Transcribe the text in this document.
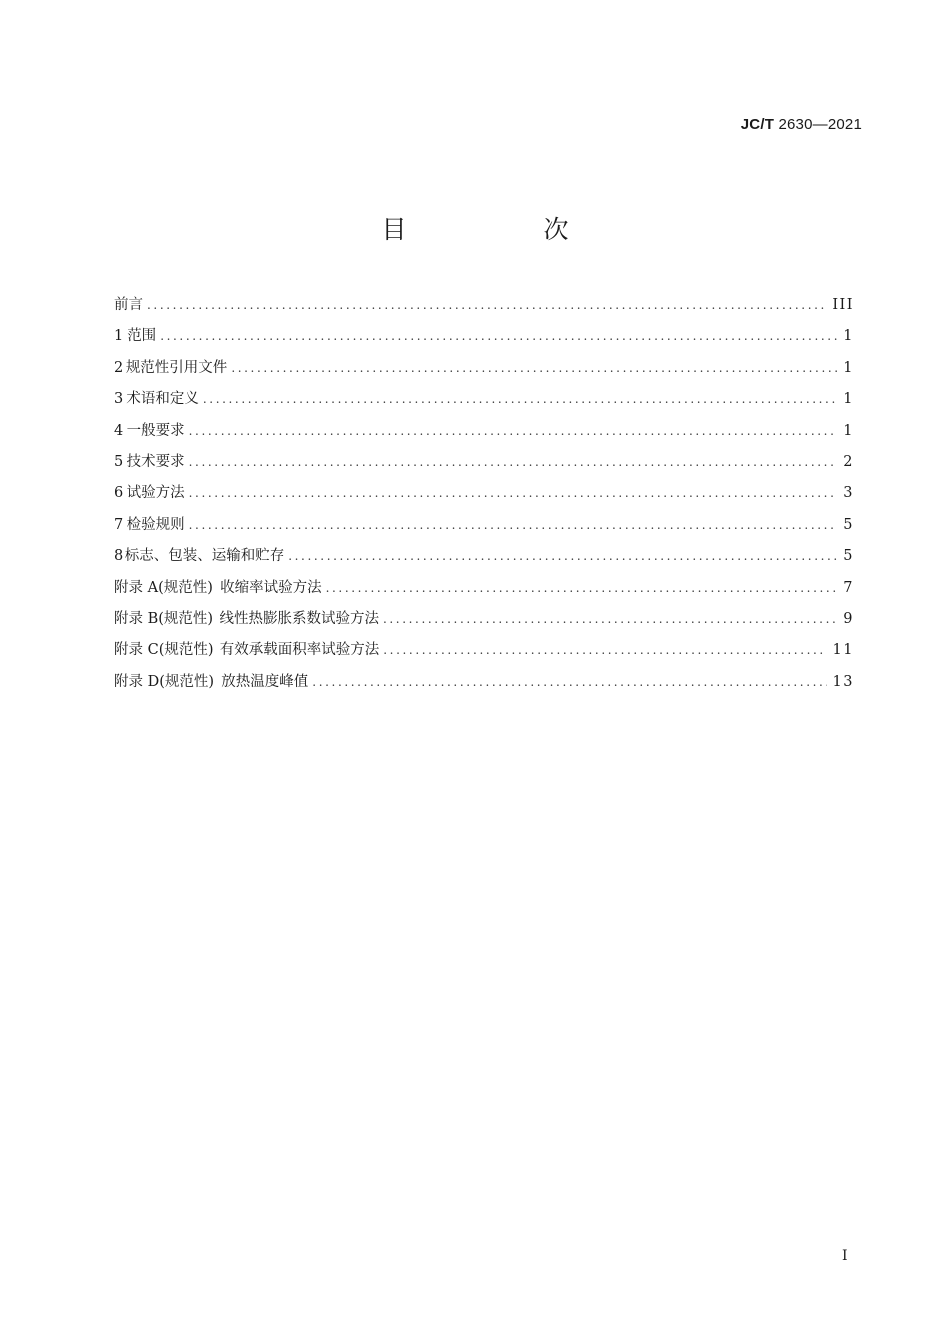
JC/T 2630—2021
目　次
前言 .....	III
1 范围 .....	1
2 规范性引用文件 .....	1
3 术语和定义 .....	1
4 一般要求 .....	1
5 技术要求 .....	2
6 试验方法 .....	3
7 检验规则 .....	5
8 标志、包装、运输和贮存 .....	5
附录 A(规范性) 收缩率试验方法 .....	7
附录 B(规范性) 线性热膨胀系数试验方法 .....	9
附录 C(规范性) 有效承载面积率试验方法 .....	11
附录 D(规范性) 放热温度峰值 .....	13
I
